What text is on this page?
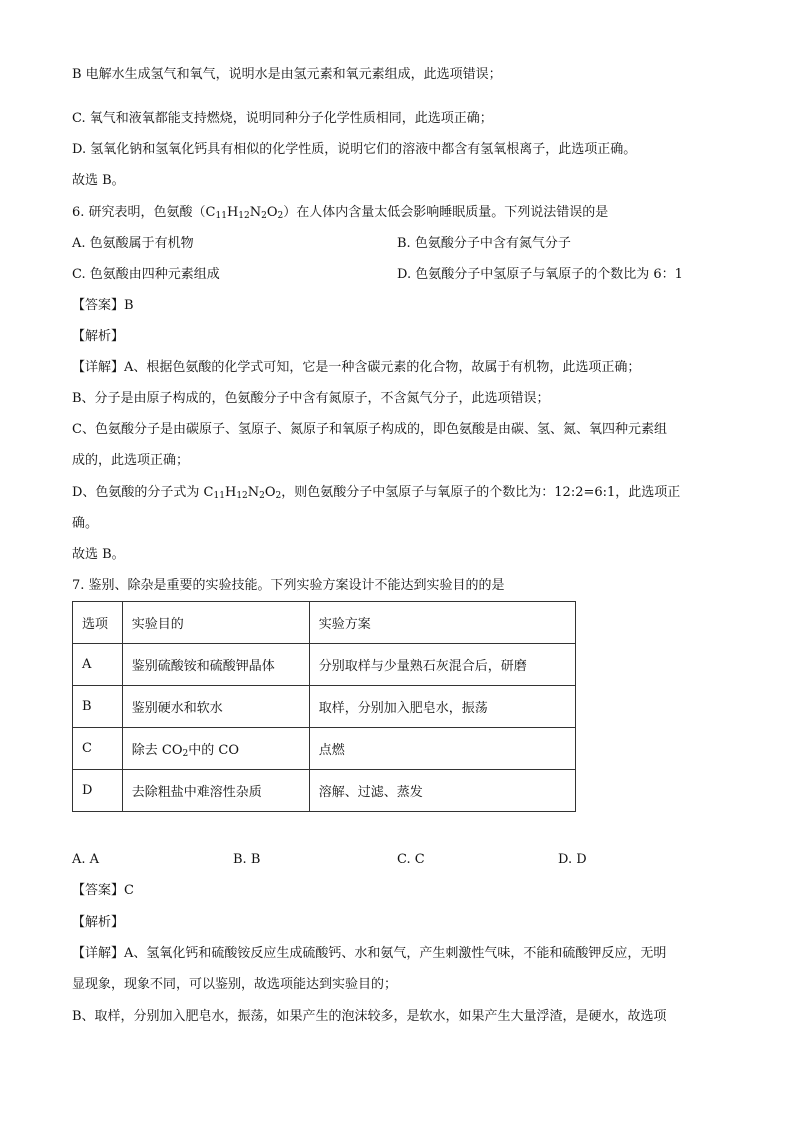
B 电解水生成氢气和氧气，说明水是由氢元素和氧元素组成，此选项错误；
C. 氧气和液氧都能支持燃烧，说明同种分子化学性质相同，此选项正确；
D. 氢氧化钠和氢氧化钙具有相似的化学性质，说明它们的溶液中都含有氢氧根离子，此选项正确。
故选 B。
6. 研究表明，色氨酸$(C_{11}H_{12}N_2O_2)$在人体内含量太低会影响睡眠质量。下列说法错误的是
A. 色氨酸属于有机物	B. 色氨酸分子中含有氮气分子
C. 色氨酸由四种元素组成	D. 色氨酸分子中氢原子与氧原子的个数比为 6：1
【答案】B
【解析】
【详解】A、根据色氨酸的化学式可知，它是一种含碳元素的化合物，故属于有机物，此选项正确；
B、分子是由原子构成的，色氨酸分子中含有氮原子，不含氮气分子，此选项错误；
C、色氨酸分子是由碳原子、氢原子、氮原子和氧原子构成的，即色氨酸是由碳、氢、氮、氧四种元素组
成的，此选项正确；
D、色氨酸的分子式为 $C_{11}H_{12}N_2O_2$，则色氨酸分子中氢原子与氧原子的个数比为：12:2=6:1，此选项正
确。
故选 B。
7. 鉴别、除杂是重要的实验技能。下列实验方案设计不能达到实验目的的是
选项	实验目的	实验方案
A	鉴别硫酸铵和硫酸钾晶体	分别取样与少量熟石灰混合后，研磨
B	鉴别硬水和软水	取样，分别加入肥皂水，振荡
C	除去 $CO_2$中的 CO	点燃
D	去除粗盐中难溶性杂质	溶解、过滤、蒸发
A. A	B. B	C. C	D. D
【答案】C
【解析】
【详解】A、氢氧化钙和硫酸铵反应生成硫酸钙、水和氨气，产生刺激性气味，不能和硫酸钾反应，无明
显现象，现象不同，可以鉴别，故选项能达到实验目的；
B、取样，分别加入肥皂水，振荡，如果产生的泡沫较多，是软水，如果产生大量浮渣，是硬水，故选项
